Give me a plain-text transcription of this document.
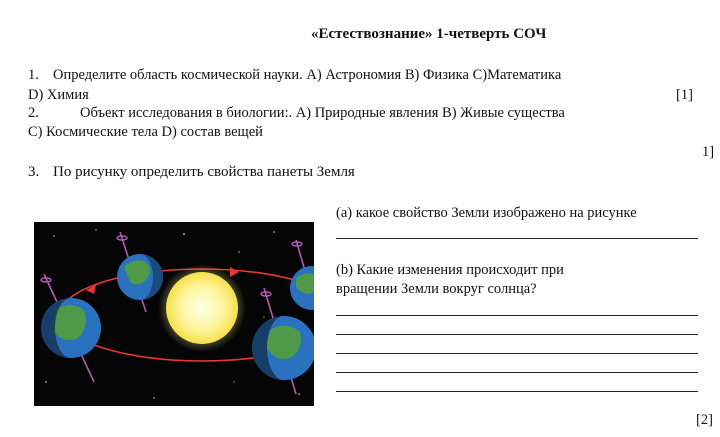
«Естествознание» 1-четверть СОЧ
1. Определите область космической науки. A) Астрономия B) Физика C)Математика
D) Химия	[1]
2.	Объект исследования в биологии:. A) Природные явления B) Живые существа
C) Космические тела D) состав вещей
1]
3. По рисунку определить свойства панеты Земля
(a) какое свойство Земли изображено на рисунке
(b) Какие изменения происходит при
вращении Земли вокруг солнца?
[2]
